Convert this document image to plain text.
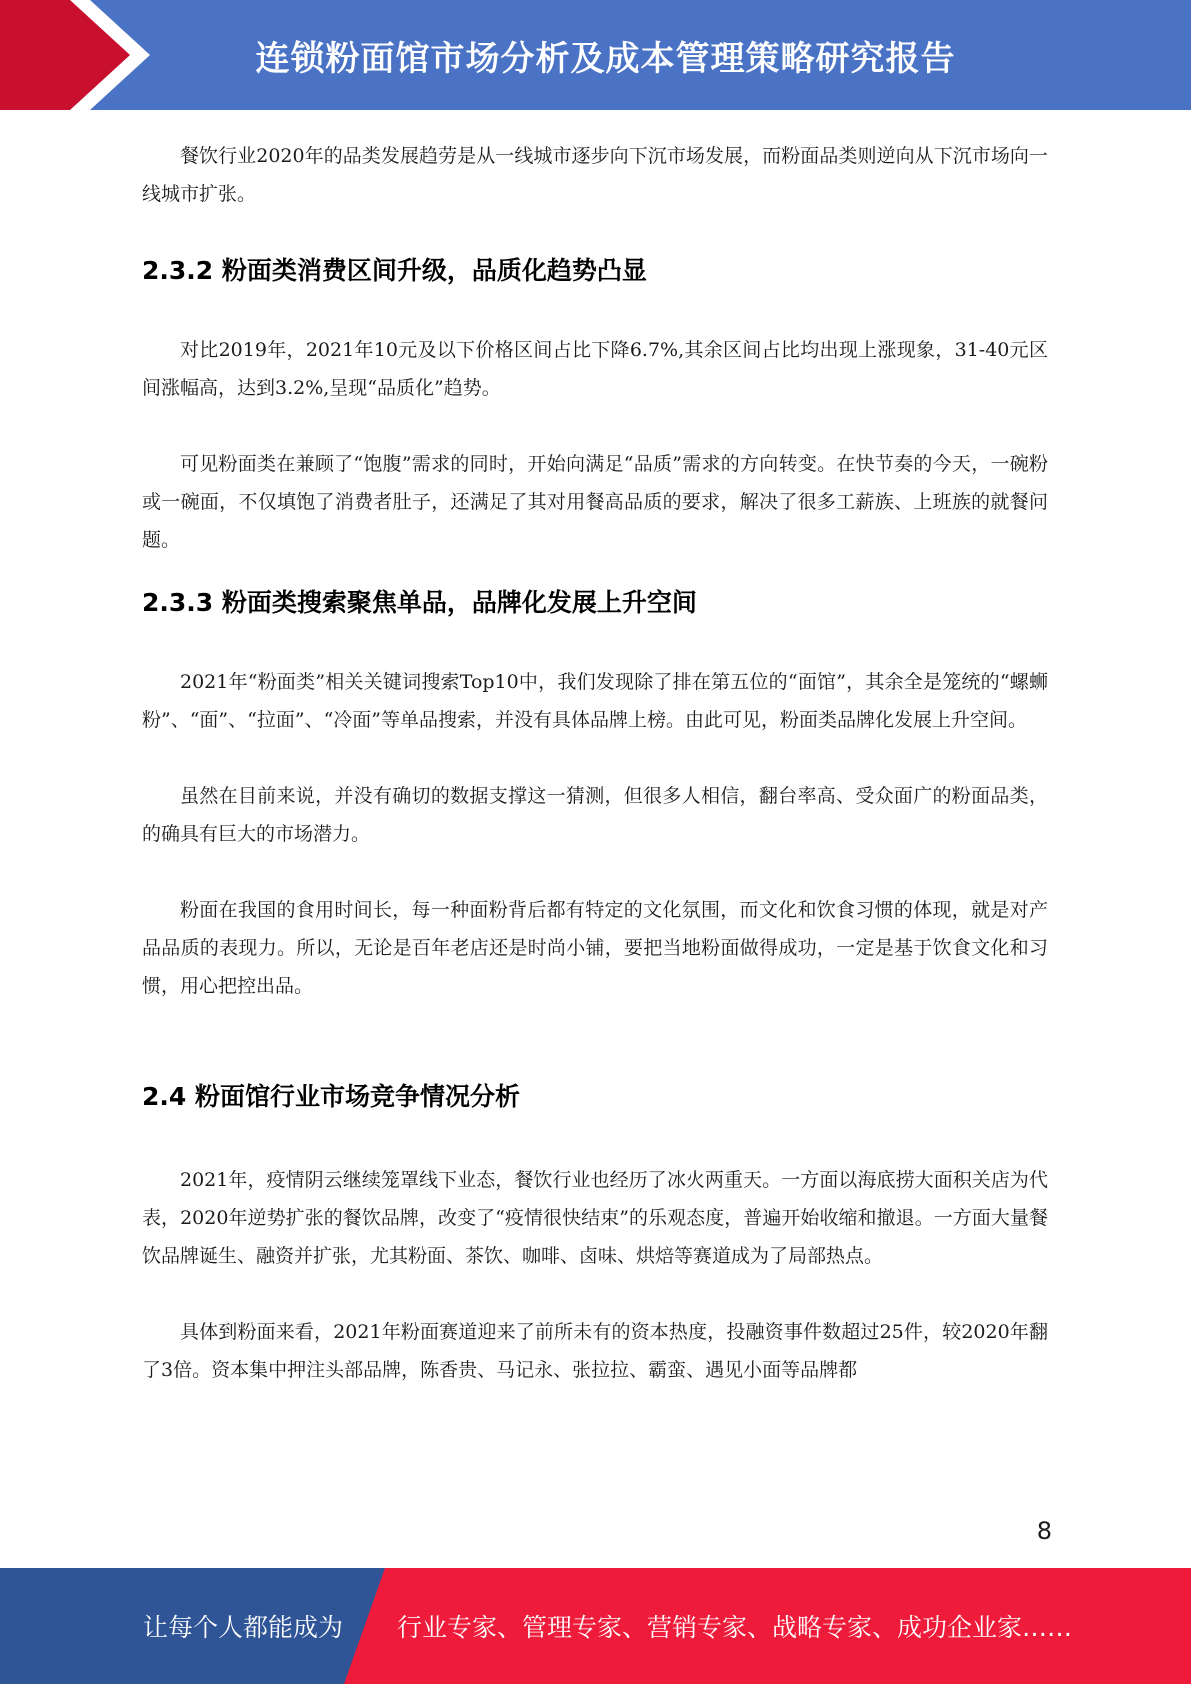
连锁粉面馆市场分析及成本管理策略研究报告

餐饮行业2020年的品类发展趋劳是从一线城市逐步向下沉市场发展，而粉面品类则逆向从下沉市场向一线城市扩张。

2.3.2 粉面类消费区间升级，品质化趋势凸显

对比2019年，2021年10元及以下价格区间占比下降6.7%,其余区间占比均出现上涨现象，31-40元区间涨幅高，达到3.2%,呈现“品质化”趋势。

可见粉面类在兼顾了“饱腹”需求的同时，开始向满足“品质”需求的方向转变。在快节奏的今天，一碗粉或一碗面，不仅填饱了消费者肚子，还满足了其对用餐高品质的要求，解决了很多工薪族、上班族的就餐问题。

2.3.3 粉面类搜索聚焦单品，品牌化发展上升空间

2021年“粉面类”相关关键词搜索Top10中，我们发现除了排在第五位的“面馆”，其余全是笼统的“螺蛳粉”、“面”、“拉面”、“冷面”等单品搜索，并没有具体品牌上榜。由此可见，粉面类品牌化发展上升空间。

虽然在目前来说，并没有确切的数据支撑这一猜测，但很多人相信，翻台率高、受众面广的粉面品类，的确具有巨大的市场潜力。

粉面在我国的食用时间长，每一种面粉背后都有特定的文化氛围，而文化和饮食习惯的体现，就是对产品品质的表现力。所以，无论是百年老店还是时尚小铺，要把当地粉面做得成功，一定是基于饮食文化和习惯，用心把控出品。

2.4 粉面馆行业市场竞争情况分析

2021年，疫情阴云继续笼罩线下业态，餐饮行业也经历了冰火两重天。一方面以海底捞大面积关店为代表，2020年逆势扩张的餐饮品牌，改变了“疫情很快结束”的乐观态度，普遍开始收缩和撤退。一方面大量餐饮品牌诞生、融资并扩张，尤其粉面、茶饮、咖啡、卤味、烘焙等赛道成为了局部热点。

具体到粉面来看，2021年粉面赛道迎来了前所未有的资本热度，投融资事件数超过25件，较2020年翻了3倍。资本集中押注头部品牌，陈香贵、马记永、张拉拉、霸蛮、遇见小面等品牌都

8
让每个人都能成为 行业专家、管理专家、营销专家、战略专家、成功企业家……
